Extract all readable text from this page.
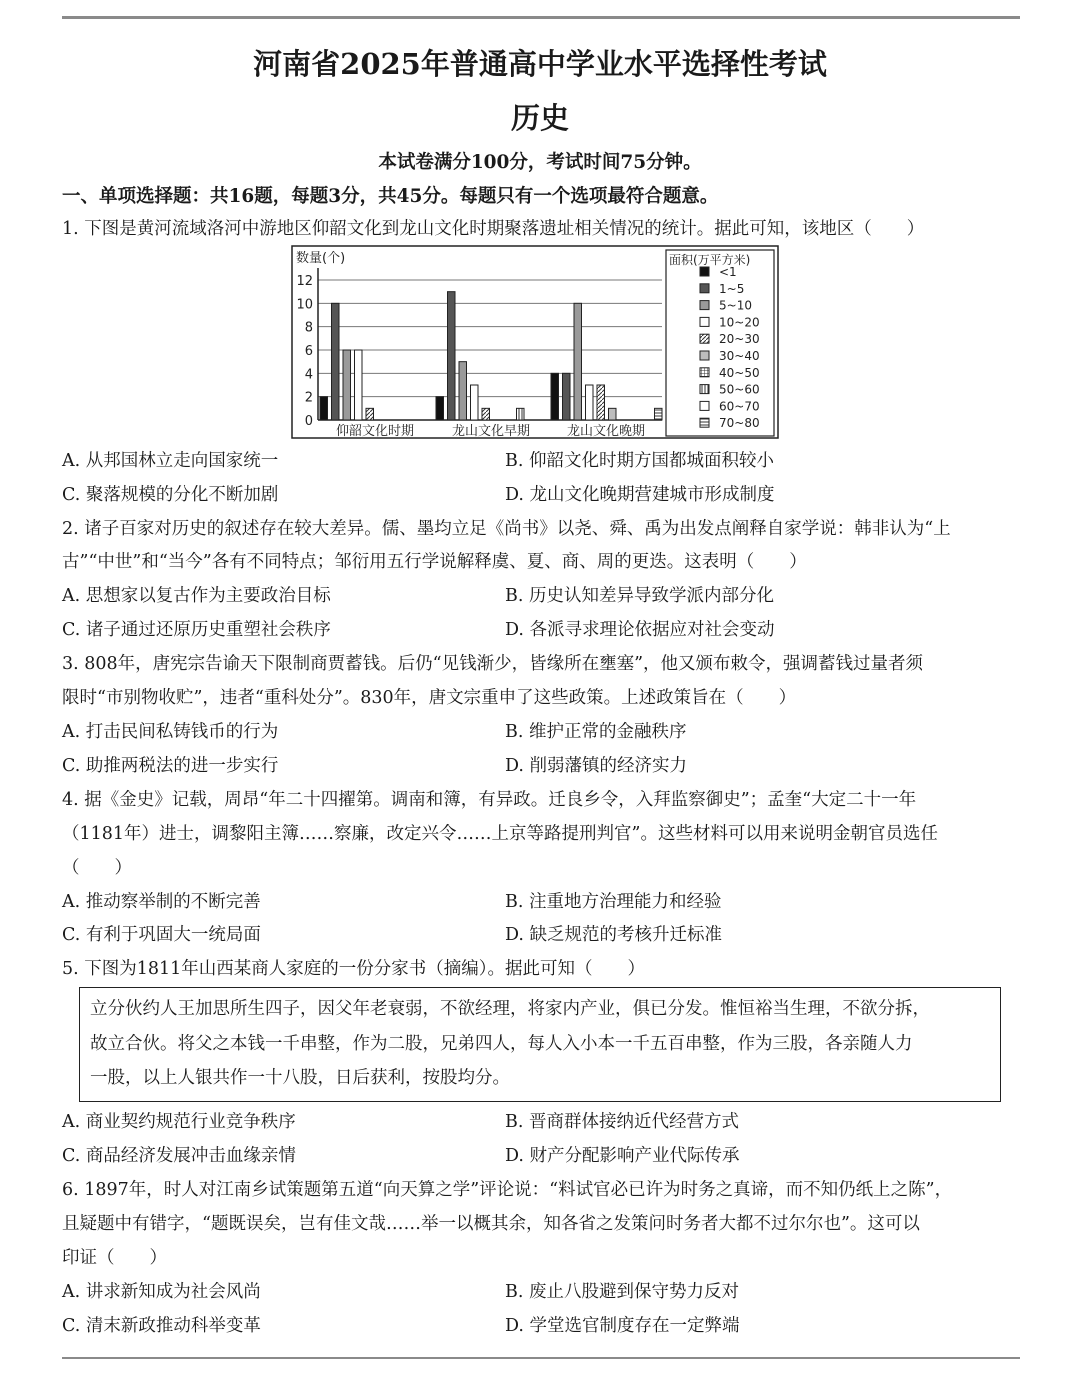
河南省2025年普通高中学业水平选择性考试
历史
本试卷满分100分，考试时间75分钟。
一、单项选择题：共16题，每题3分，共45分。每题只有一个选项最符合题意。
1. 下图是黄河流域洛河中游地区仰韶文化到龙山文化时期聚落遗址相关情况的统计。据此可知，该地区（　　）
0
2
4
6
8
10
12
数量(个)
仰韶文化时期	龙山文化早期	龙山文化晚期
面积(万平方米)
<1
1~5
5~10
10~20
20~30
30~40
40~50
50~60
60~70
70~80
A. 从邦国林立走向国家统一	B. 仰韶文化时期方国都城面积较小
C. 聚落规模的分化不断加剧	D. 龙山文化晚期营建城市形成制度
2. 诸子百家对历史的叙述存在较大差异。儒、墨均立足《尚书》以尧、舜、禹为出发点阐释自家学说：韩非认为“上
古”“中世”和“当今”各有不同特点；邹衍用五行学说解释虞、夏、商、周的更迭。这表明（　　）
A. 思想家以复古作为主要政治目标	B. 历史认知差异导致学派内部分化
C. 诸子通过还原历史重塑社会秩序	D. 各派寻求理论依据应对社会变动
3. 808年，唐宪宗告谕天下限制商贾蓄钱。后仍“见钱渐少，皆缘所在壅塞”，他又颁布敕令，强调蓄钱过量者须
限时“市别物收贮”，违者“重科处分”。830年，唐文宗重申了这些政策。上述政策旨在（　　）
A. 打击民间私铸钱币的行为	B. 维护正常的金融秩序
C. 助推两税法的进一步实行	D. 削弱藩镇的经济实力
4. 据《金史》记载，周昂“年二十四擢第。调南和簿，有异政。迁良乡令，入拜监察御史”；孟奎“大定二十一年
（1181年）进士，调黎阳主簿……察廉，改定兴令……上京等路提刑判官”。这些材料可以用来说明金朝官员选任
（　　）
A. 推动察举制的不断完善	B. 注重地方治理能力和经验
C. 有利于巩固大一统局面	D. 缺乏规范的考核升迁标准
5. 下图为1811年山西某商人家庭的一份分家书（摘编）。据此可知（　　）
立分伙约人王加思所生四子，因父年老衰弱，不欲经理，将家内产业，俱已分发。惟恒裕当生理，不欲分拆，
故立合伙。将父之本钱一千串整，作为二股，兄弟四人，每人入小本一千五百串整，作为三股，各亲随人力
一股，以上人银共作一十八股，日后获利，按股均分。
A. 商业契约规范行业竞争秩序	B. 晋商群体接纳近代经营方式
C. 商品经济发展冲击血缘亲情	D. 财产分配影响产业代际传承
6. 1897年，时人对江南乡试策题第五道“向天算之学”评论说：“料试官必已许为时务之真谛，而不知仍纸上之陈”，
且疑题中有错字，“题既误矣，岂有佳文哉……举一以概其余，知各省之发策问时务者大都不过尔尔也”。这可以
印证（　　）
A. 讲求新知成为社会风尚	B. 废止八股避到保守势力反对
C. 清末新政推动科举变革	D. 学堂选官制度存在一定弊端
